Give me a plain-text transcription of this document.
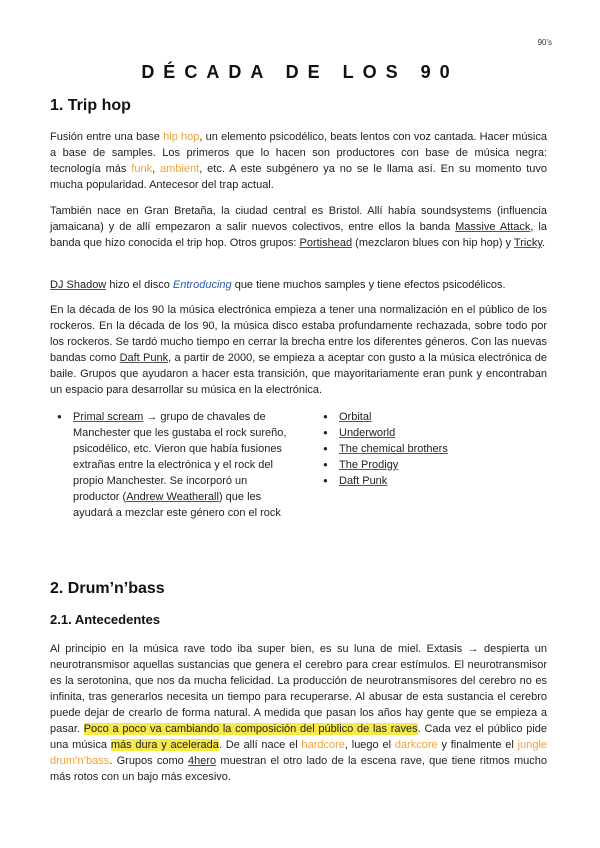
90's
DÉCADA DE LOS 90
1. Trip hop

Fusión entre una base hip hop, un elemento psicodélico, beats lentos con voz cantada. Hacer música a base de samples. Los primeros que lo hacen son productores con base de música negra: tecnología más funk, ambient, etc. A este subgénero ya no se le llama así. En su momento tuvo mucha popularidad. Antecesor del trap actual.

También nace en Gran Bretaña, la ciudad central es Bristol. Allí había soundsystems (influencia jamaicana) y de allí empezaron a salir nuevos colectivos, entre ellos la banda Massive Attack, la banda que hizo conocida el trip hop. Otros grupos: Portishead (mezclaron blues con hip hop) y Tricky.

DJ Shadow hizo el disco Entroducing que tiene muchos samples y tiene efectos psicodélicos.

En la década de los 90 la música electrónica empieza a tener una normalización en el público de los rockeros. En la década de los 90, la música disco estaba profundamente rechazada, sobre todo por los rockeros. Se tardó mucho tiempo en cerrar la brecha entre los diferentes géneros. Con las nuevas bandas como Daft Punk, a partir de 2000, se empieza a aceptar con gusto a la música electrónica de baile. Grupos que ayudaron a hacer esta transición, que mayoritariamente eran punk y encontraban un espacio para desarrollar su música en la electrónica.

● Primal scream → grupo de chavales de Manchester que les gustaba el rock sureño, psicodélico, etc. Vieron que había fusiones extrañas entre la electrónica y el rock del propio Manchester. Se incorporó un productor (Andrew Weatherall) que les ayudará a mezclar este género con el rock
● Orbital
● Underworld
● The chemical brothers
● The Prodigy
● Daft Punk
2. Drum’n’bass
2.1. Antecedentes

Al principio en la música rave todo iba super bien, es su luna de miel. Extasis → despierta un neurotransmisor aquellas sustancias que genera el cerebro para crear estímulos. El neurotransmisor es la serotonina, que nos da mucha felicidad. La producción de neurotransmisores del cerebro no es infinita, tras generarlos necesita un tiempo para recuperarse. Al abusar de esta sustancia el cerebro puede dejar de crearlo de forma natural. A medida que pasan los años hay gente que se empieza a pasar. Poco a poco va cambiando la composición del público de las raves. Cada vez el público pide una música más dura y acelerada. De allí nace el hardcore, luego el darkcore y finalmente el jungle drum’n’bass. Grupos como 4hero muestran el otro lado de la escena rave, que tiene ritmos mucho más rotos con un bajo más excesivo.
